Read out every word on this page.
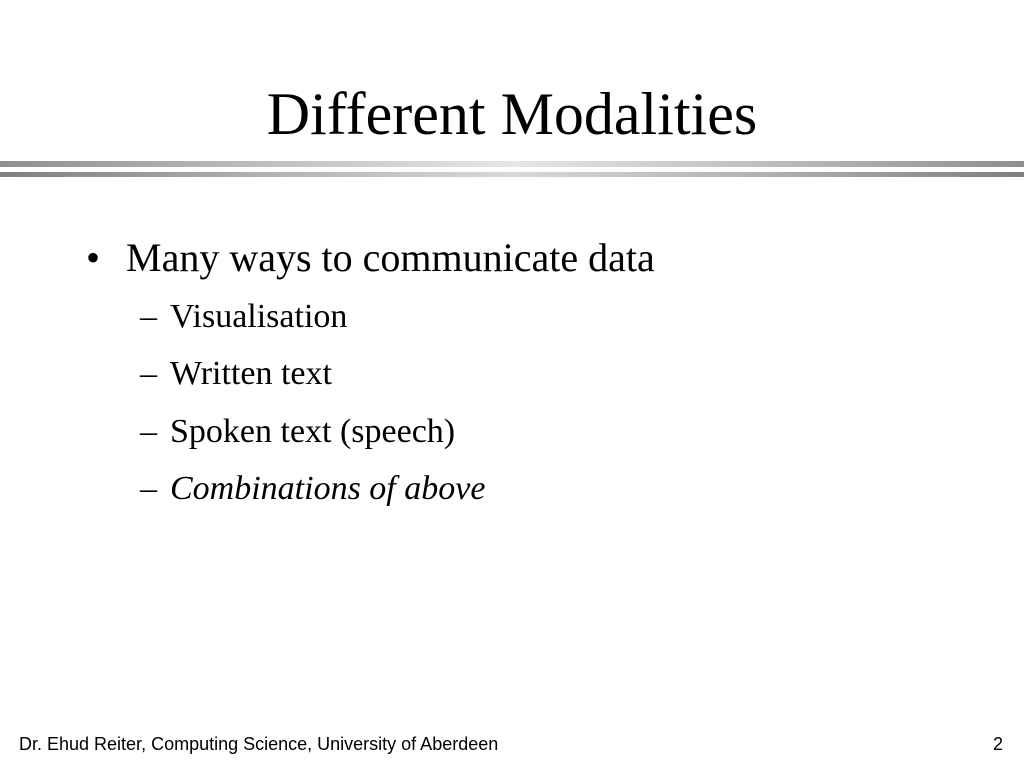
Different Modalities
• Many ways to communicate data
– Visualisation
– Written text
– Spoken text (speech)
– Combinations of above
Dr. Ehud Reiter, Computing Science, University of Aberdeen	2
